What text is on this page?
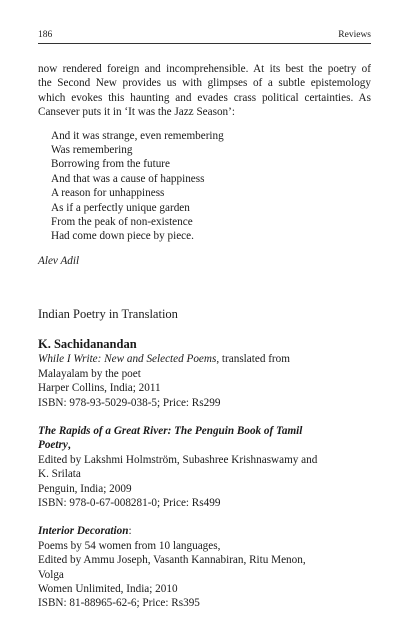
186	Reviews

now rendered foreign and incomprehensible. At its best the poetry of
the Second New provides us with glimpses of a subtle epistemology
which evokes this haunting and evades crass political certainties. As
Cansever puts it in ‘It was the Jazz Season’:

And it was strange, even remembering
Was remembering
Borrowing from the future
And that was a cause of happiness
A reason for unhappiness
As if a perfectly unique garden
From the peak of non-existence
Had come down piece by piece.
Alev Adil
Indian Poetry in Translation
K. Sachidanandan
While I Write: New and Selected Poems, translated from
Malayalam by the poet
Harper Collins, India; 2011
ISBN: 978-93-5029-038-5; Price: Rs299
The Rapids of a Great River: The Penguin Book of Tamil
Poetry,
Edited by Lakshmi Holmström, Subashree Krishnaswamy and
K. Srilata
Penguin, India; 2009
ISBN: 978-0-67-008281-0; Price: Rs499
Interior Decoration:
Poems by 54 women from 10 languages,
Edited by Ammu Joseph, Vasanth Kannabiran, Ritu Menon,
Volga
Women Unlimited, India; 2010
ISBN: 81-88965-62-6; Price: Rs395
